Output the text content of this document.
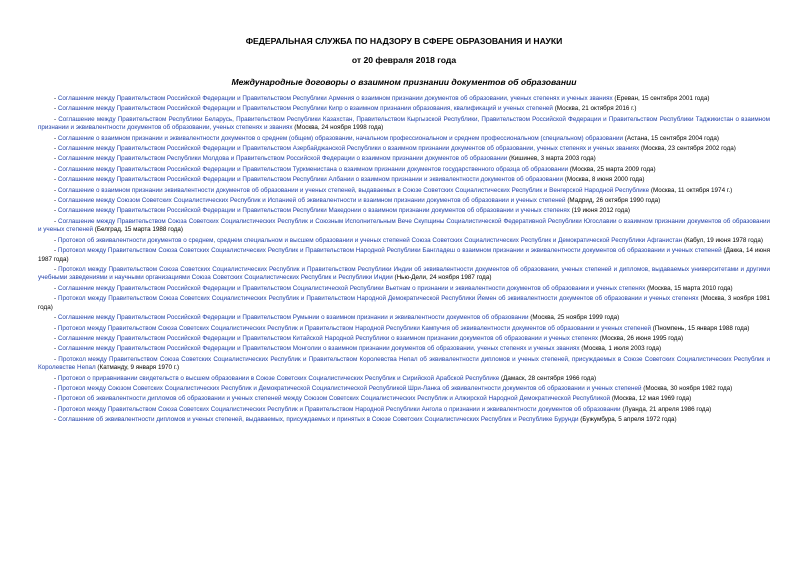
ФЕДЕРАЛЬНАЯ СЛУЖБА ПО НАДЗОРУ В СФЕРЕ ОБРАЗОВАНИЯ И НАУКИ

от 20 февраля 2018 года

Международные договоры о взаимном признании документов об образовании

- Соглашение между Правительством Российской Федерации и Правительством Республики Армения о взаимном признании документов об образовании, ученых степенях и ученых званиях (Ереван, 15 сентября 2001 года)

- Соглашение между Правительством Российской Федерации и Правительством Республики Кипр о взаимном признании образования, квалификаций и ученых степеней (Москва, 21 октября 2016 г.)

- Соглашение между Правительством Республики Беларусь, Правительством Республики Казахстан, Правительством Кыргызской Республики, Правительством Российской Федерации и Правительством Республики Таджикистан о взаимном признании и эквивалентности документов об образовании, ученых степенях и званиях (Москва, 24 ноября 1998 года)

- Соглашение о взаимном признании и эквивалентности документов о среднем (общем) образовании, начальном профессиональном и среднем профессиональном (специальном) образовании (Астана, 15 сентября 2004 года)

- Соглашение между Правительством Российской Федерации и Правительством Азербайджанской Республики о взаимном признании документов об образовании, ученых степенях и ученых званиях (Москва, 23 сентября 2002 года)

- Соглашение между Правительством Республики Молдова и Правительством Российской Федерации о взаимном признании документов об образовании (Кишинев, 3 марта 2003 года)

- Соглашение между Правительством Российской Федерации и Правительством Туркменистана о взаимном признании документов государственного образца об образовании (Москва, 25 марта 2009 года)

- Соглашение между Правительством Российской Федерации и Правительством Республики Албании о взаимном признании и эквивалентности документов об образовании (Москва, 8 июня 2000 года)

- Соглашение о взаимном признании эквивалентности документов об образовании и ученых степеней, выдаваемых в Союзе Советских Социалистических Республик и Венгерской Народной Республике (Москва, 11 октября 1974 г.)

- Соглашение между Союзом Советских Социалистических Республик и Испанией об эквивалентности и взаимном признании документов об образовании и ученых степеней (Мадрид, 26 октября 1990 года)

- Соглашение между Правительством Российской Федерации и Правительством Республики Македонии о взаимном признании документов об образовании и ученых степенях (19 июня 2012 года)

- Соглашение между Правительством Союза Советских Социалистических Республик и Союзным Исполнительным Вече Скупщины Социалистической Федеративной Республики Югославии о взаимном признании документов об образовании и ученых степеней (Белград, 15 марта 1988 года)

- Протокол об эквивалентности документов о среднем, среднем специальном и высшем образовании и ученых степеней Союза Советских Социалистических Республик и Демократической Республики Афганистан (Кабул, 19 июня 1978 года)

- Протокол между Правительством Союза Советских Социалистических Республик и Правительством Народной Республики Бангладеш о взаимном признании и эквивалентности документов об образовании и ученых степеней (Дакка, 14 июня 1987 года)

- Протокол между Правительством Союза Советских Социалистических Республик и Правительством Республики Индии об эквивалентности документов об образовании, ученых степеней и дипломов, выдаваемых университетами и другими учебными заведениями и научными организациями Союза Советских Социалистических Республик и Республики Индии (Нью-Дели, 24 ноября 1987 года)

- Соглашение между Правительством Российской Федерации и Правительством Социалистической Республики Вьетнам о признании и эквивалентности документов об образовании и ученых степенях (Москва, 15 марта 2010 года)

- Протокол между Правительством Союза Советских Социалистических Республик и Правительством Народной Демократической Республики Йемен об эквивалентности документов об образовании и ученых степенях (Москва, 3 ноября 1981 года)

- Соглашение между Правительством Российской Федерации и Правительством Румынии о взаимном признании и эквивалентности документов об образовании (Москва, 25 ноября 1999 года)

- Протокол между Правительством Союза Советских Социалистических Республик и Правительством Народной Республики Кампучия об эквивалентности документов об образовании и ученых степеней (Пномпень, 15 января 1988 года)

- Соглашение между Правительством Российской Федерации и Правительством Китайской Народной Республики о взаимном признании документов об образовании и ученых степенях (Москва, 26 июня 1995 года)

- Соглашение между Правительством Российской Федерации и Правительством Монголии о взаимном признании документов об образовании, ученых степенях и ученых званиях (Москва, 1 июля 2003 года)

- Протокол между Правительством Союза Советских Социалистических Республик и Правительством Королевства Непал об эквивалентности дипломов и ученых степеней, присуждаемых в Союзе Советских Социалистических Республик и Королевстве Непал (Катманду, 9 января 1970 г.)

- Протокол о приравнивании свидетельств о высшем образовании в Союзе Советских Социалистических Республик и Сирийской Арабской Республике (Дамаск, 28 сентября 1966 года)

- Протокол между Союзом Советских Социалистических Республик и Демократической Социалистической Республикой Шри-Ланка об эквивалентности документов об образовании и ученых степеней (Москва, 30 ноября 1982 года)

- Протокол об эквивалентности дипломов об образовании и ученых степеней между Союзом Советских Социалистических Республик и Алжирской Народной Демократической Республикой (Москва, 12 мая 1969 года)

- Протокол между Правительством Союза Советских Социалистических Республик и Правительством Народной Республики Ангола о признании и эквивалентности документов об образовании (Луанда, 21 апреля 1986 года)

- Соглашение об эквивалентности дипломов и ученых степеней, выдаваемых, присуждаемых и принятых в Союзе Советских Социалистических Республик и Республике Бурунди (Бужумбура, 5 апреля 1972 года)
